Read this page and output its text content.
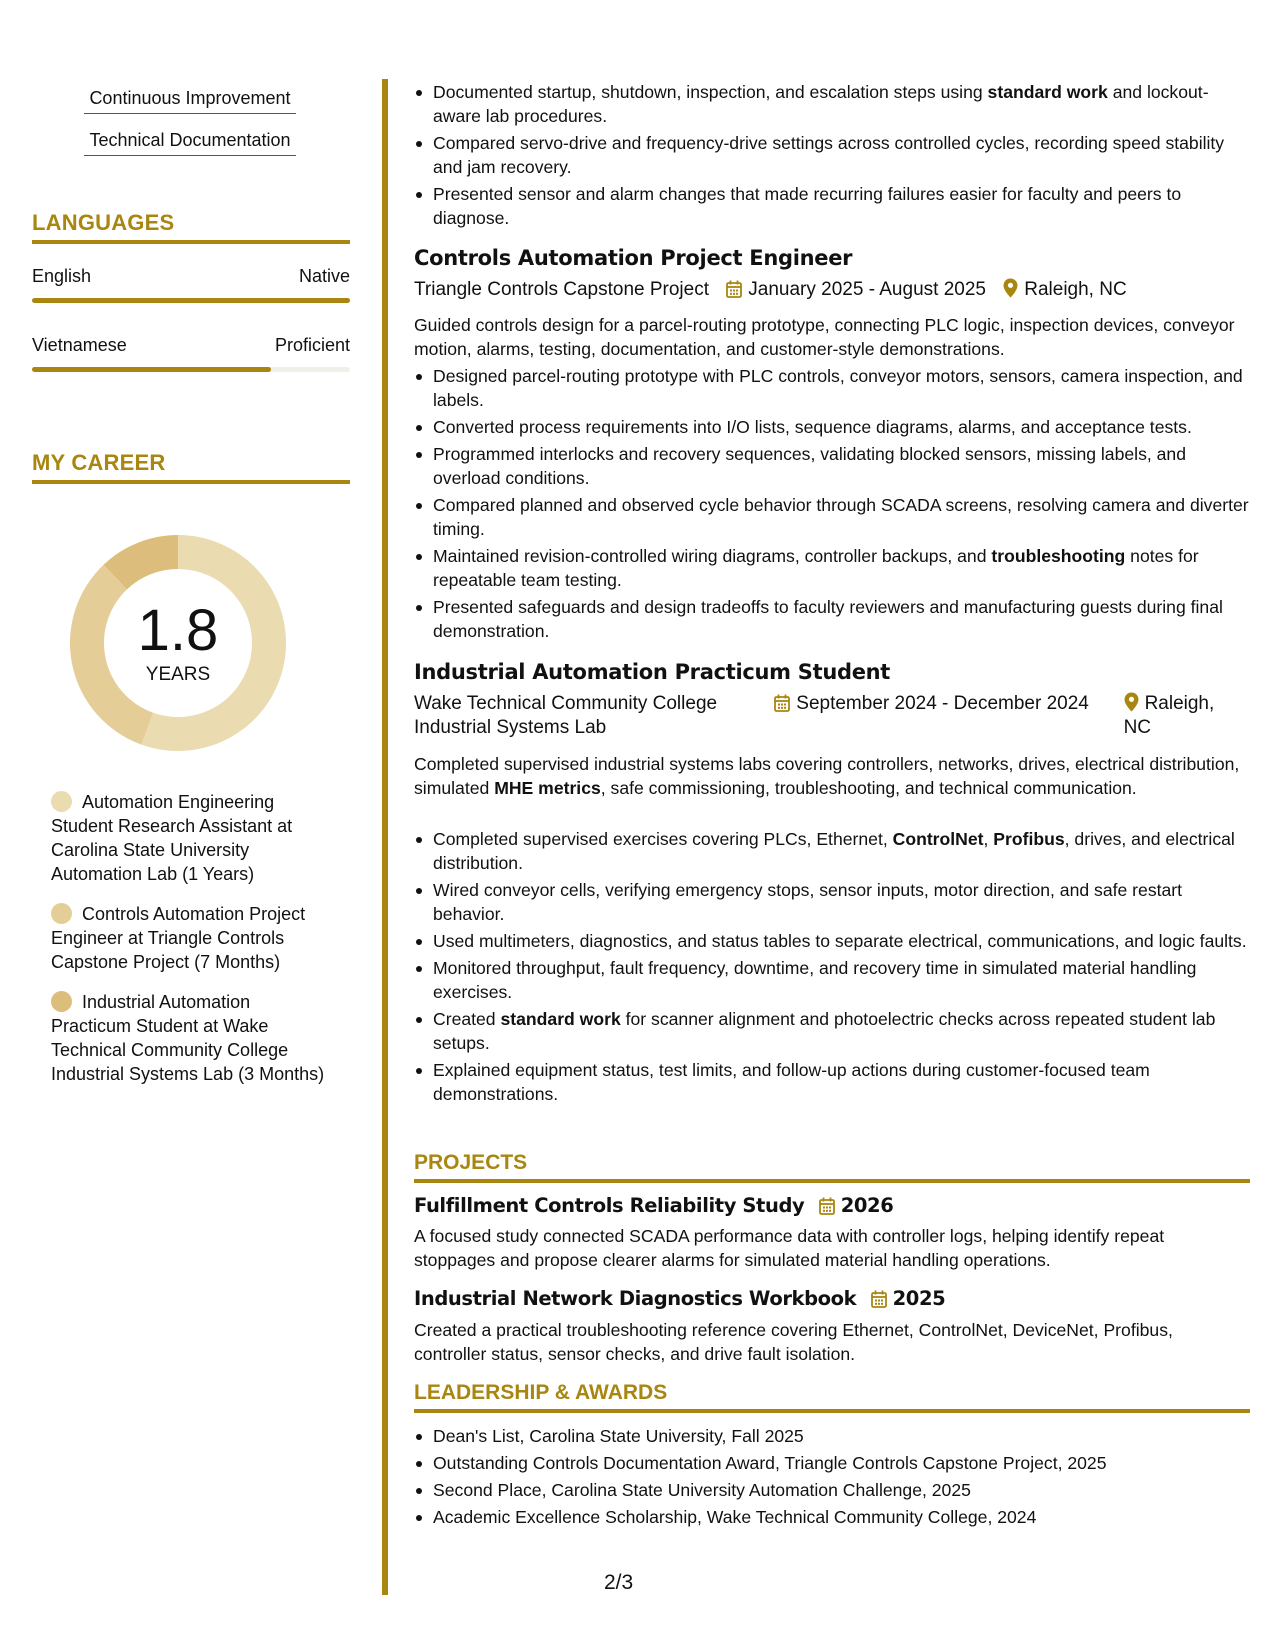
Continuous Improvement
Technical Documentation
LANGUAGES
English	Native
Vietnamese	Proficient
MY CAREER
1.8
YEARS
Automation Engineering Student Research Assistant at Carolina State University Automation Lab (1 Years)
Controls Automation Project Engineer at Triangle Controls Capstone Project (7 Months)
Industrial Automation Practicum Student at Wake Technical Community College Industrial Systems Lab (3 Months)
Documented startup, shutdown, inspection, and escalation steps using standard work and lockout-aware lab procedures.
Compared servo-drive and frequency-drive settings across controlled cycles, recording speed stability and jam recovery.
Presented sensor and alarm changes that made recurring failures easier for faculty and peers to diagnose.
Controls Automation Project Engineer
Triangle Controls Capstone Project January 2025 - August 2025 Raleigh, NC
Guided controls design for a parcel-routing prototype, connecting PLC logic, inspection devices, conveyor motion, alarms, testing, documentation, and customer-style demonstrations.
Designed parcel-routing prototype with PLC controls, conveyor motors, sensors, camera inspection, and labels.
Converted process requirements into I/O lists, sequence diagrams, alarms, and acceptance tests.
Programmed interlocks and recovery sequences, validating blocked sensors, missing labels, and overload conditions.
Compared planned and observed cycle behavior through SCADA screens, resolving camera and diverter timing.
Maintained revision-controlled wiring diagrams, controller backups, and troubleshooting notes for repeatable team testing.
Presented safeguards and design tradeoffs to faculty reviewers and manufacturing guests during final demonstration.
Industrial Automation Practicum Student
Wake Technical Community College
Industrial Systems Lab September 2024 - December 2024	Raleigh,
NC
Completed supervised industrial systems labs covering controllers, networks, drives, electrical distribution, simulated MHE metrics, safe commissioning, troubleshooting, and technical communication.
Completed supervised exercises covering PLCs, Ethernet, ControlNet, Profibus, drives, and electrical distribution.
Wired conveyor cells, verifying emergency stops, sensor inputs, motor direction, and safe restart behavior.
Used multimeters, diagnostics, and status tables to separate electrical, communications, and logic faults.
Monitored throughput, fault frequency, downtime, and recovery time in simulated material handling exercises.
Created standard work for scanner alignment and photoelectric checks across repeated student lab setups.
Explained equipment status, test limits, and follow-up actions during customer-focused team demonstrations.
PROJECTS
Fulfillment Controls Reliability Study 2026
A focused study connected SCADA performance data with controller logs, helping identify repeat stoppages and propose clearer alarms for simulated material handling operations.
Industrial Network Diagnostics Workbook 2025
Created a practical troubleshooting reference covering Ethernet, ControlNet, DeviceNet, Profibus, controller status, sensor checks, and drive fault isolation.
LEADERSHIP & AWARDS
Dean's List, Carolina State University, Fall 2025
Outstanding Controls Documentation Award, Triangle Controls Capstone Project, 2025
Second Place, Carolina State University Automation Challenge, 2025
Academic Excellence Scholarship, Wake Technical Community College, 2024
2/3
